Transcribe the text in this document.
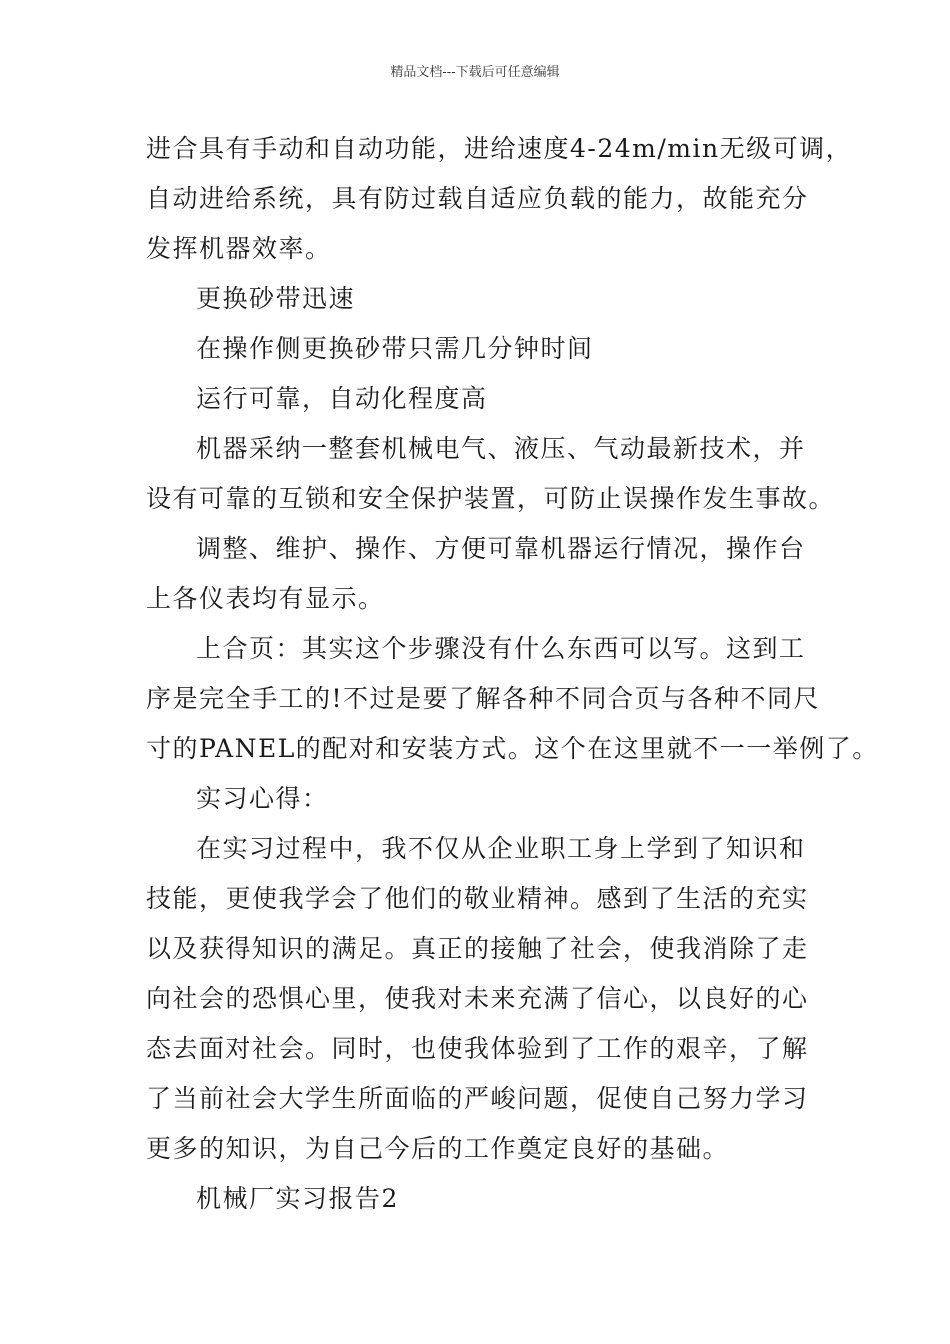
精品文档---下载后可任意编辑

进合具有手动和自动功能，进给速度4-24m/min无级可调，
自动进给系统，具有防过载自适应负载的能力，故能充分
发挥机器效率。

更换砂带迅速

在操作侧更换砂带只需几分钟时间

运行可靠，自动化程度高

机器采纳一整套机械电气、液压、气动最新技术，并
设有可靠的互锁和安全保护装置，可防止误操作发生事故。

调整、维护、操作、方便可靠机器运行情况，操作台
上各仪表均有显示。

上合页：其实这个步骤没有什么东西可以写。这到工
序是完全手工的!不过是要了解各种不同合页与各种不同尺
寸的PANEL的配对和安装方式。这个在这里就不一一举例了。

实习心得：

在实习过程中，我不仅从企业职工身上学到了知识和
技能，更使我学会了他们的敬业精神。感到了生活的充实
以及获得知识的满足。真正的接触了社会，使我消除了走
向社会的恐惧心里，使我对未来充满了信心，以良好的心
态去面对社会。同时，也使我体验到了工作的艰辛，了解
了当前社会大学生所面临的严峻问题，促使自己努力学习
更多的知识，为自己今后的工作奠定良好的基础。

机械厂实习报告2
